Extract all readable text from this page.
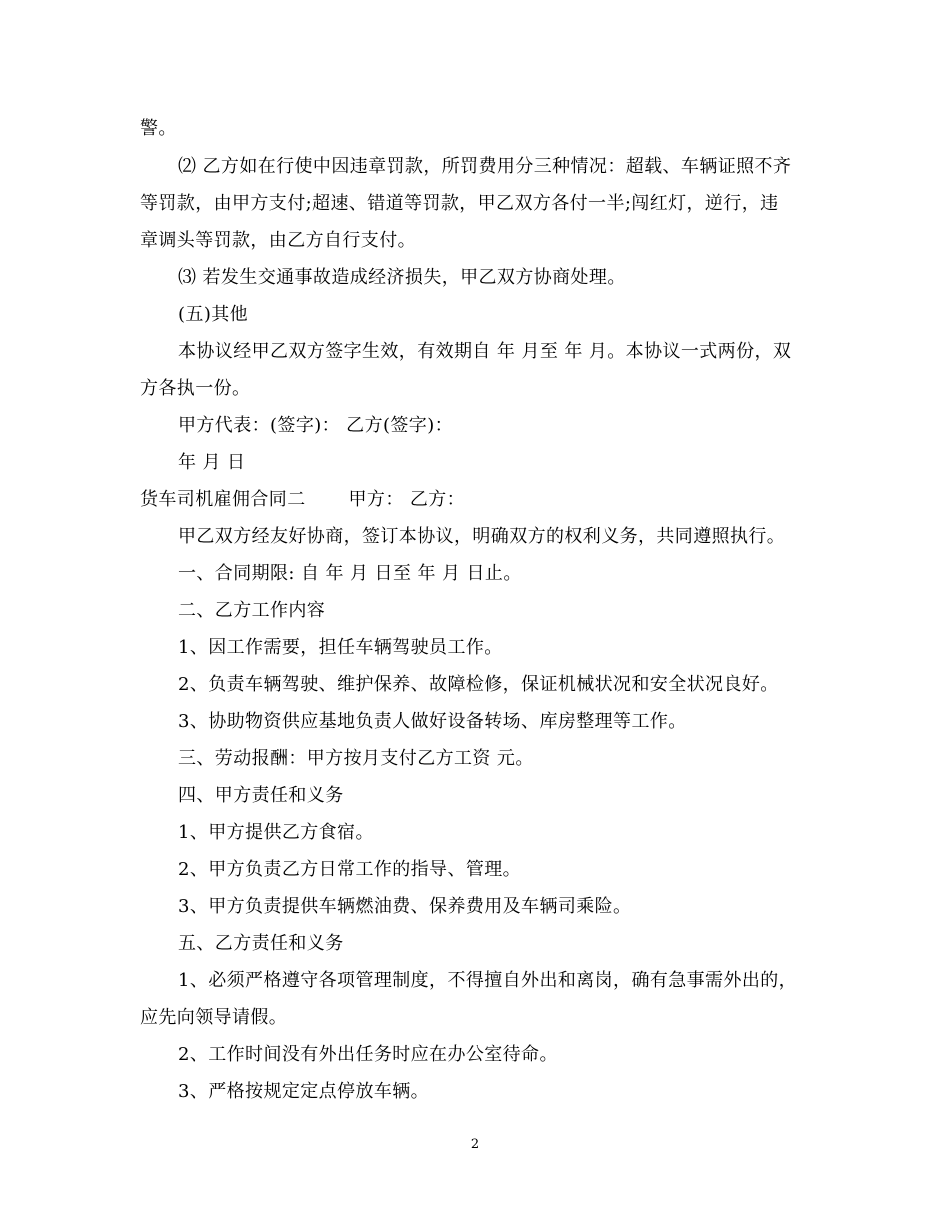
警。
⑵ 乙方如在行使中因违章罚款，所罚费用分三种情况：超载、车辆证照不齐
等罚款，由甲方支付;超速、错道等罚款，甲乙双方各付一半;闯红灯，逆行，违
章调头等罚款，由乙方自行支付。
⑶ 若发生交通事故造成经济损失，甲乙双方协商处理。
(五)其他
本协议经甲乙双方签字生效，有效期自 年 月至 年 月。本协议一式两份，双
方各执一份。
甲方代表：(签字)： 乙方(签字)：
年 月 日
货车司机雇佣合同二　　 甲方： 乙方：
甲乙双方经友好协商，签订本协议，明确双方的权利义务，共同遵照执行。
一、合同期限: 自 年 月 日至 年 月 日止。
二、乙方工作内容
1、因工作需要，担任车辆驾驶员工作。
2、负责车辆驾驶、维护保养、故障检修，保证机械状况和安全状况良好。
3、协助物资供应基地负责人做好设备转场、库房整理等工作。
三、劳动报酬：甲方按月支付乙方工资 元。
四、甲方责任和义务
1、甲方提供乙方食宿。
2、甲方负责乙方日常工作的指导、管理。
3、甲方负责提供车辆燃油费、保养费用及车辆司乘险。
五、乙方责任和义务
1、必须严格遵守各项管理制度，不得擅自外出和离岗，确有急事需外出的，
应先向领导请假。
2、工作时间没有外出任务时应在办公室待命。
3、严格按规定定点停放车辆。
2
